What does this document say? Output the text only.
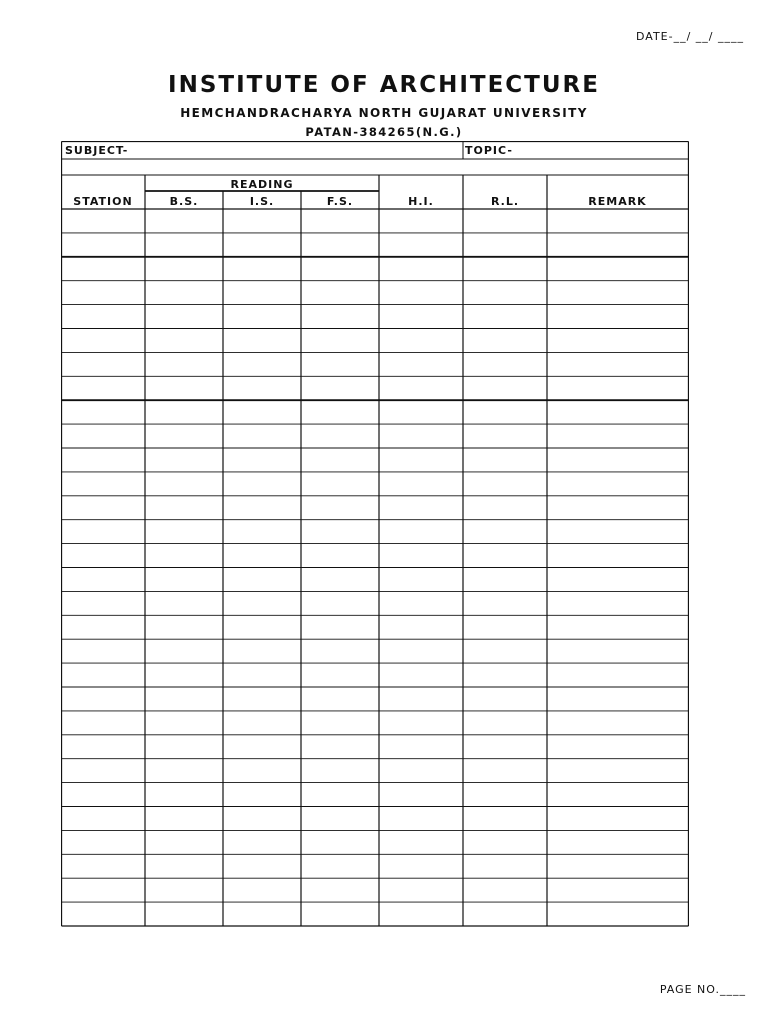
DATE-__/ __/ ____
INSTITUTE OF ARCHITECTURE
HEMCHANDRACHARYA NORTH GUJARAT UNIVERSITY
PATAN-384265(N.G.)
SUBJECT-	TOPIC-
READING
STATION	B.S.	I.S.	F.S.	H.I.	R.L.	REMARK
PAGE NO.____
